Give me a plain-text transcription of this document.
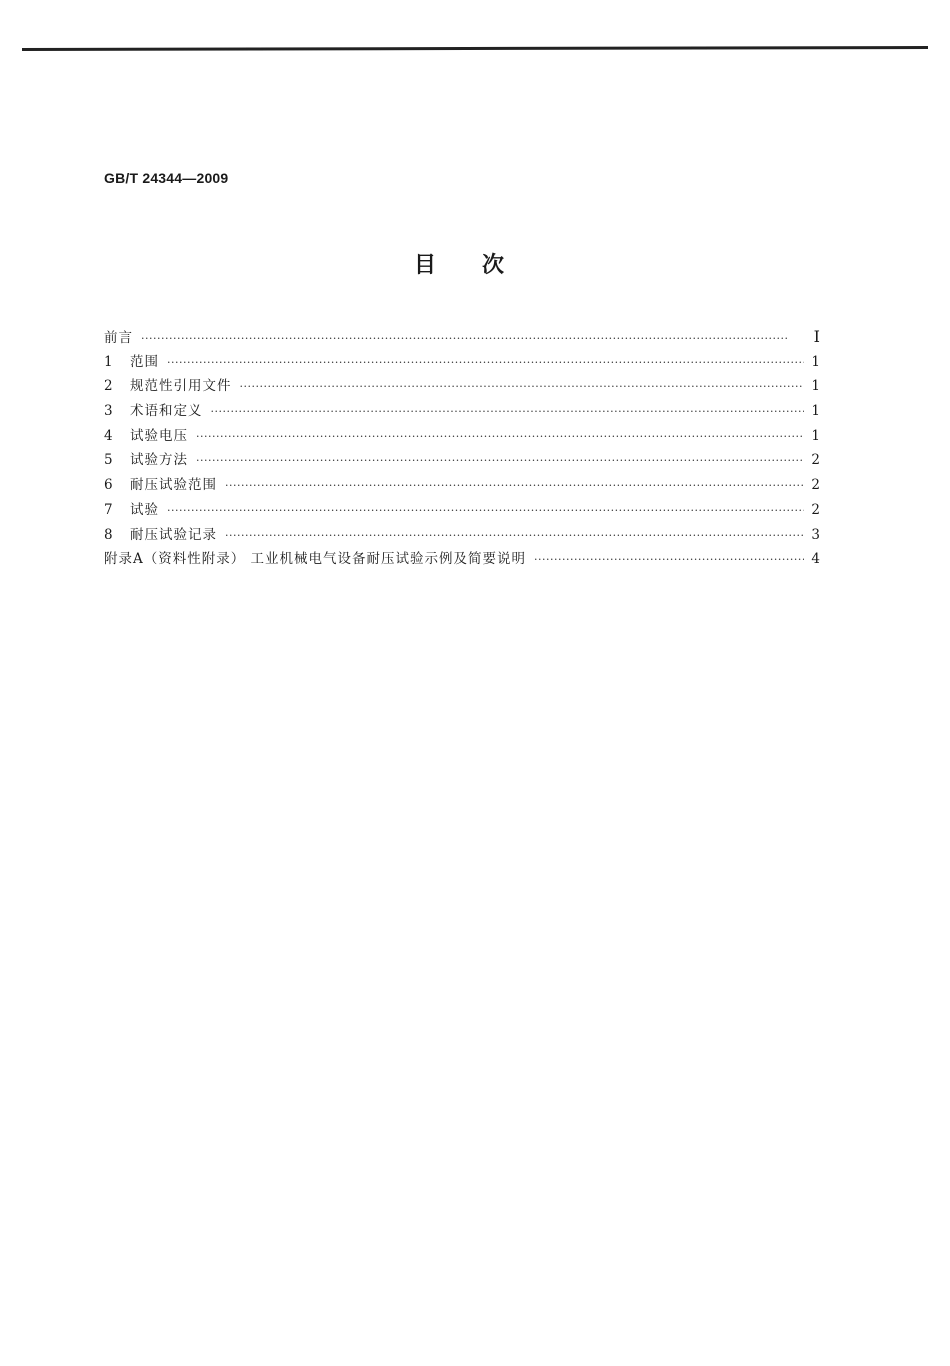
GB/T 24344—2009
目次
前言 ·····	Ⅰ
1	范围 ·····	1
2	规范性引用文件 ·····	1
3	术语和定义 ·····	1
4	试验电压 ·····	1
5	试验方法 ·····	2
6	耐压试验范围 ·····	2
7	试验 ·····	2
8	耐压试验记录 ·····	3
附录A（资料性附录） 工业机械电气设备耐压试验示例及简要说明 ·····	4
